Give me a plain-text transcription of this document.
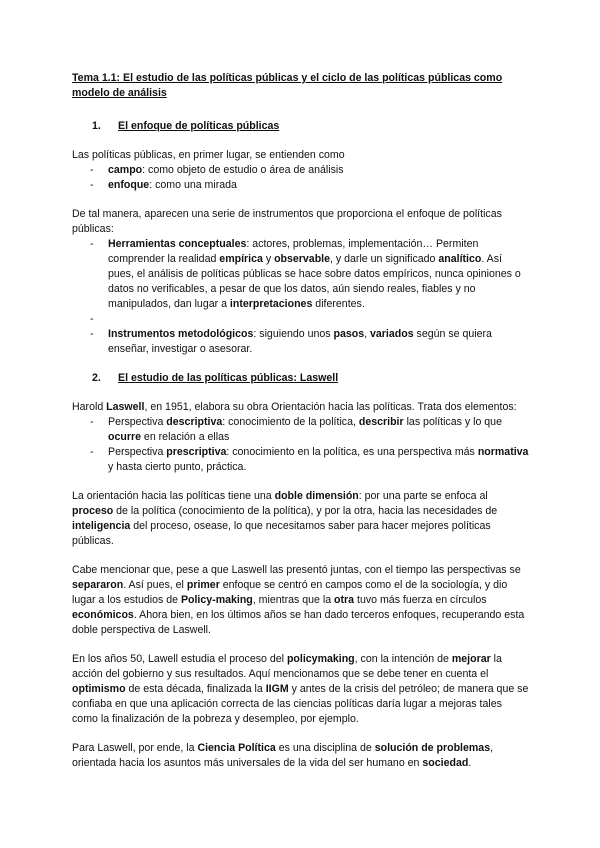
Tema 1.1: El estudio de las políticas públicas y el ciclo de las políticas públicas como modelo de análisis

1.	El enfoque de políticas públicas

Las políticas públicas, en primer lugar, se entienden como

- campo: como objeto de estudio o área de análisis
- enfoque: como una mirada

De tal manera, aparecen una serie de instrumentos que proporciona el enfoque de políticas públicas:

- Herramientas conceptuales: actores, problemas, implementación… Permiten comprender la realidad empírica y observable, y darle un significado analítico. Así pues, el análisis de políticas públicas se hace sobre datos empíricos, nunca opiniones o datos no verificables, a pesar de que los datos, aún siendo reales, fiables y no manipulados, dan lugar a interpretaciones diferentes.
-
- Instrumentos metodológicos: siguiendo unos pasos, variados según se quiera enseñar, investigar o asesorar.
2.	El estudio de las políticas públicas: Laswell

Harold Laswell, en 1951, elabora su obra Orientación hacia las políticas. Trata dos elementos:

- Perspectiva descriptiva: conocimiento de la política, describir las políticas y lo que ocurre en relación a ellas
- Perspectiva prescriptiva: conocimiento en la política, es una perspectiva más normativa y hasta cierto punto, práctica.

La orientación hacia las políticas tiene una doble dimensión: por una parte se enfoca al proceso de la política (conocimiento de la política), y por la otra, hacia las necesidades de inteligencia del proceso, osease, lo que necesitamos saber para hacer mejores políticas públicas.

Cabe mencionar que, pese a que Laswell las presentó juntas, con el tiempo las perspectivas se separaron. Así pues, el primer enfoque se centró en campos como el de la sociología, y dio lugar a los estudios de Policy-making, mientras que la otra tuvo más fuerza en círculos económicos. Ahora bien, en los últimos años se han dado terceros enfoques, recuperando esta doble perspectiva de Laswell.

En los años 50, Lawell estudia el proceso del policymaking, con la intención de mejorar la acción del gobierno y sus resultados. Aquí mencionamos que se debe tener en cuenta el optimismo de esta década, finalizada la IIGM y antes de la crisis del petróleo; de manera que se confiaba en que una aplicación correcta de las ciencias políticas daría lugar a mejoras tales como la finalización de la pobreza y desempleo, por ejemplo.

Para Laswell, por ende, la Ciencia Política es una disciplina de solución de problemas, orientada hacia los asuntos más universales de la vida del ser humano en sociedad.
